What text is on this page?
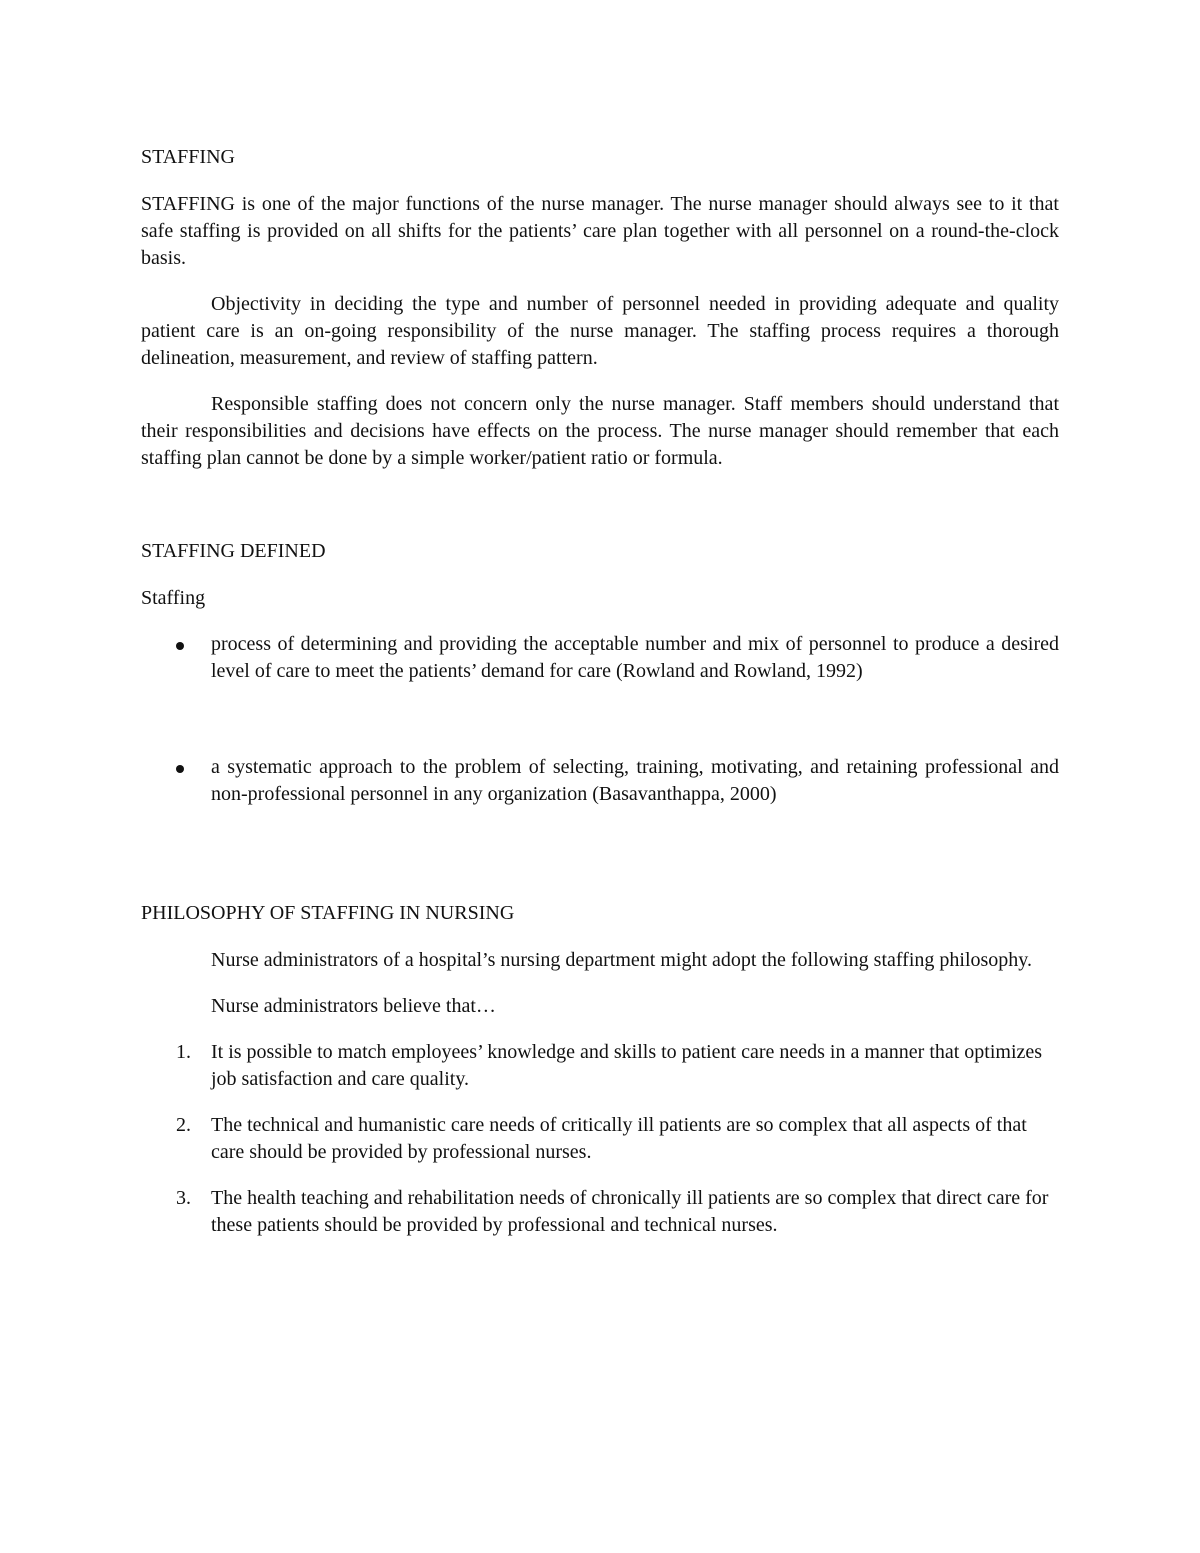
STAFFING

STAFFING is one of the major functions of the nurse manager. The nurse manager should always see to it that safe staffing is provided on all shifts for the patients’ care plan together with all personnel on a round-the-clock basis.

Objectivity in deciding the type and number of personnel needed in providing adequate and quality patient care is an on-going responsibility of the nurse manager. The staffing process requires a thorough delineation, measurement, and review of staffing pattern.

Responsible staffing does not concern only the nurse manager. Staff members should understand that their responsibilities and decisions have effects on the process. The nurse manager should remember that each staffing plan cannot be done by a simple worker/patient ratio or formula.

STAFFING DEFINED

Staffing

process of determining and providing the acceptable number and mix of personnel to produce a desired level of care to meet the patients’ demand for care (Rowland and Rowland, 1992)
a systematic approach to the problem of selecting, training, motivating, and retaining professional and non-professional personnel in any organization (Basavanthappa, 2000)
PHILOSOPHY OF STAFFING IN NURSING

Nurse administrators of a hospital’s nursing department might adopt the following staffing philosophy.

Nurse administrators believe that…

1. It is possible to match employees’ knowledge and skills to patient care needs in a manner that optimizes job satisfaction and care quality.
2. The technical and humanistic care needs of critically ill patients are so complex that all aspects of that care should be provided by professional nurses.
3. The health teaching and rehabilitation needs of chronically ill patients are so complex that direct care for these patients should be provided by professional and technical nurses.
